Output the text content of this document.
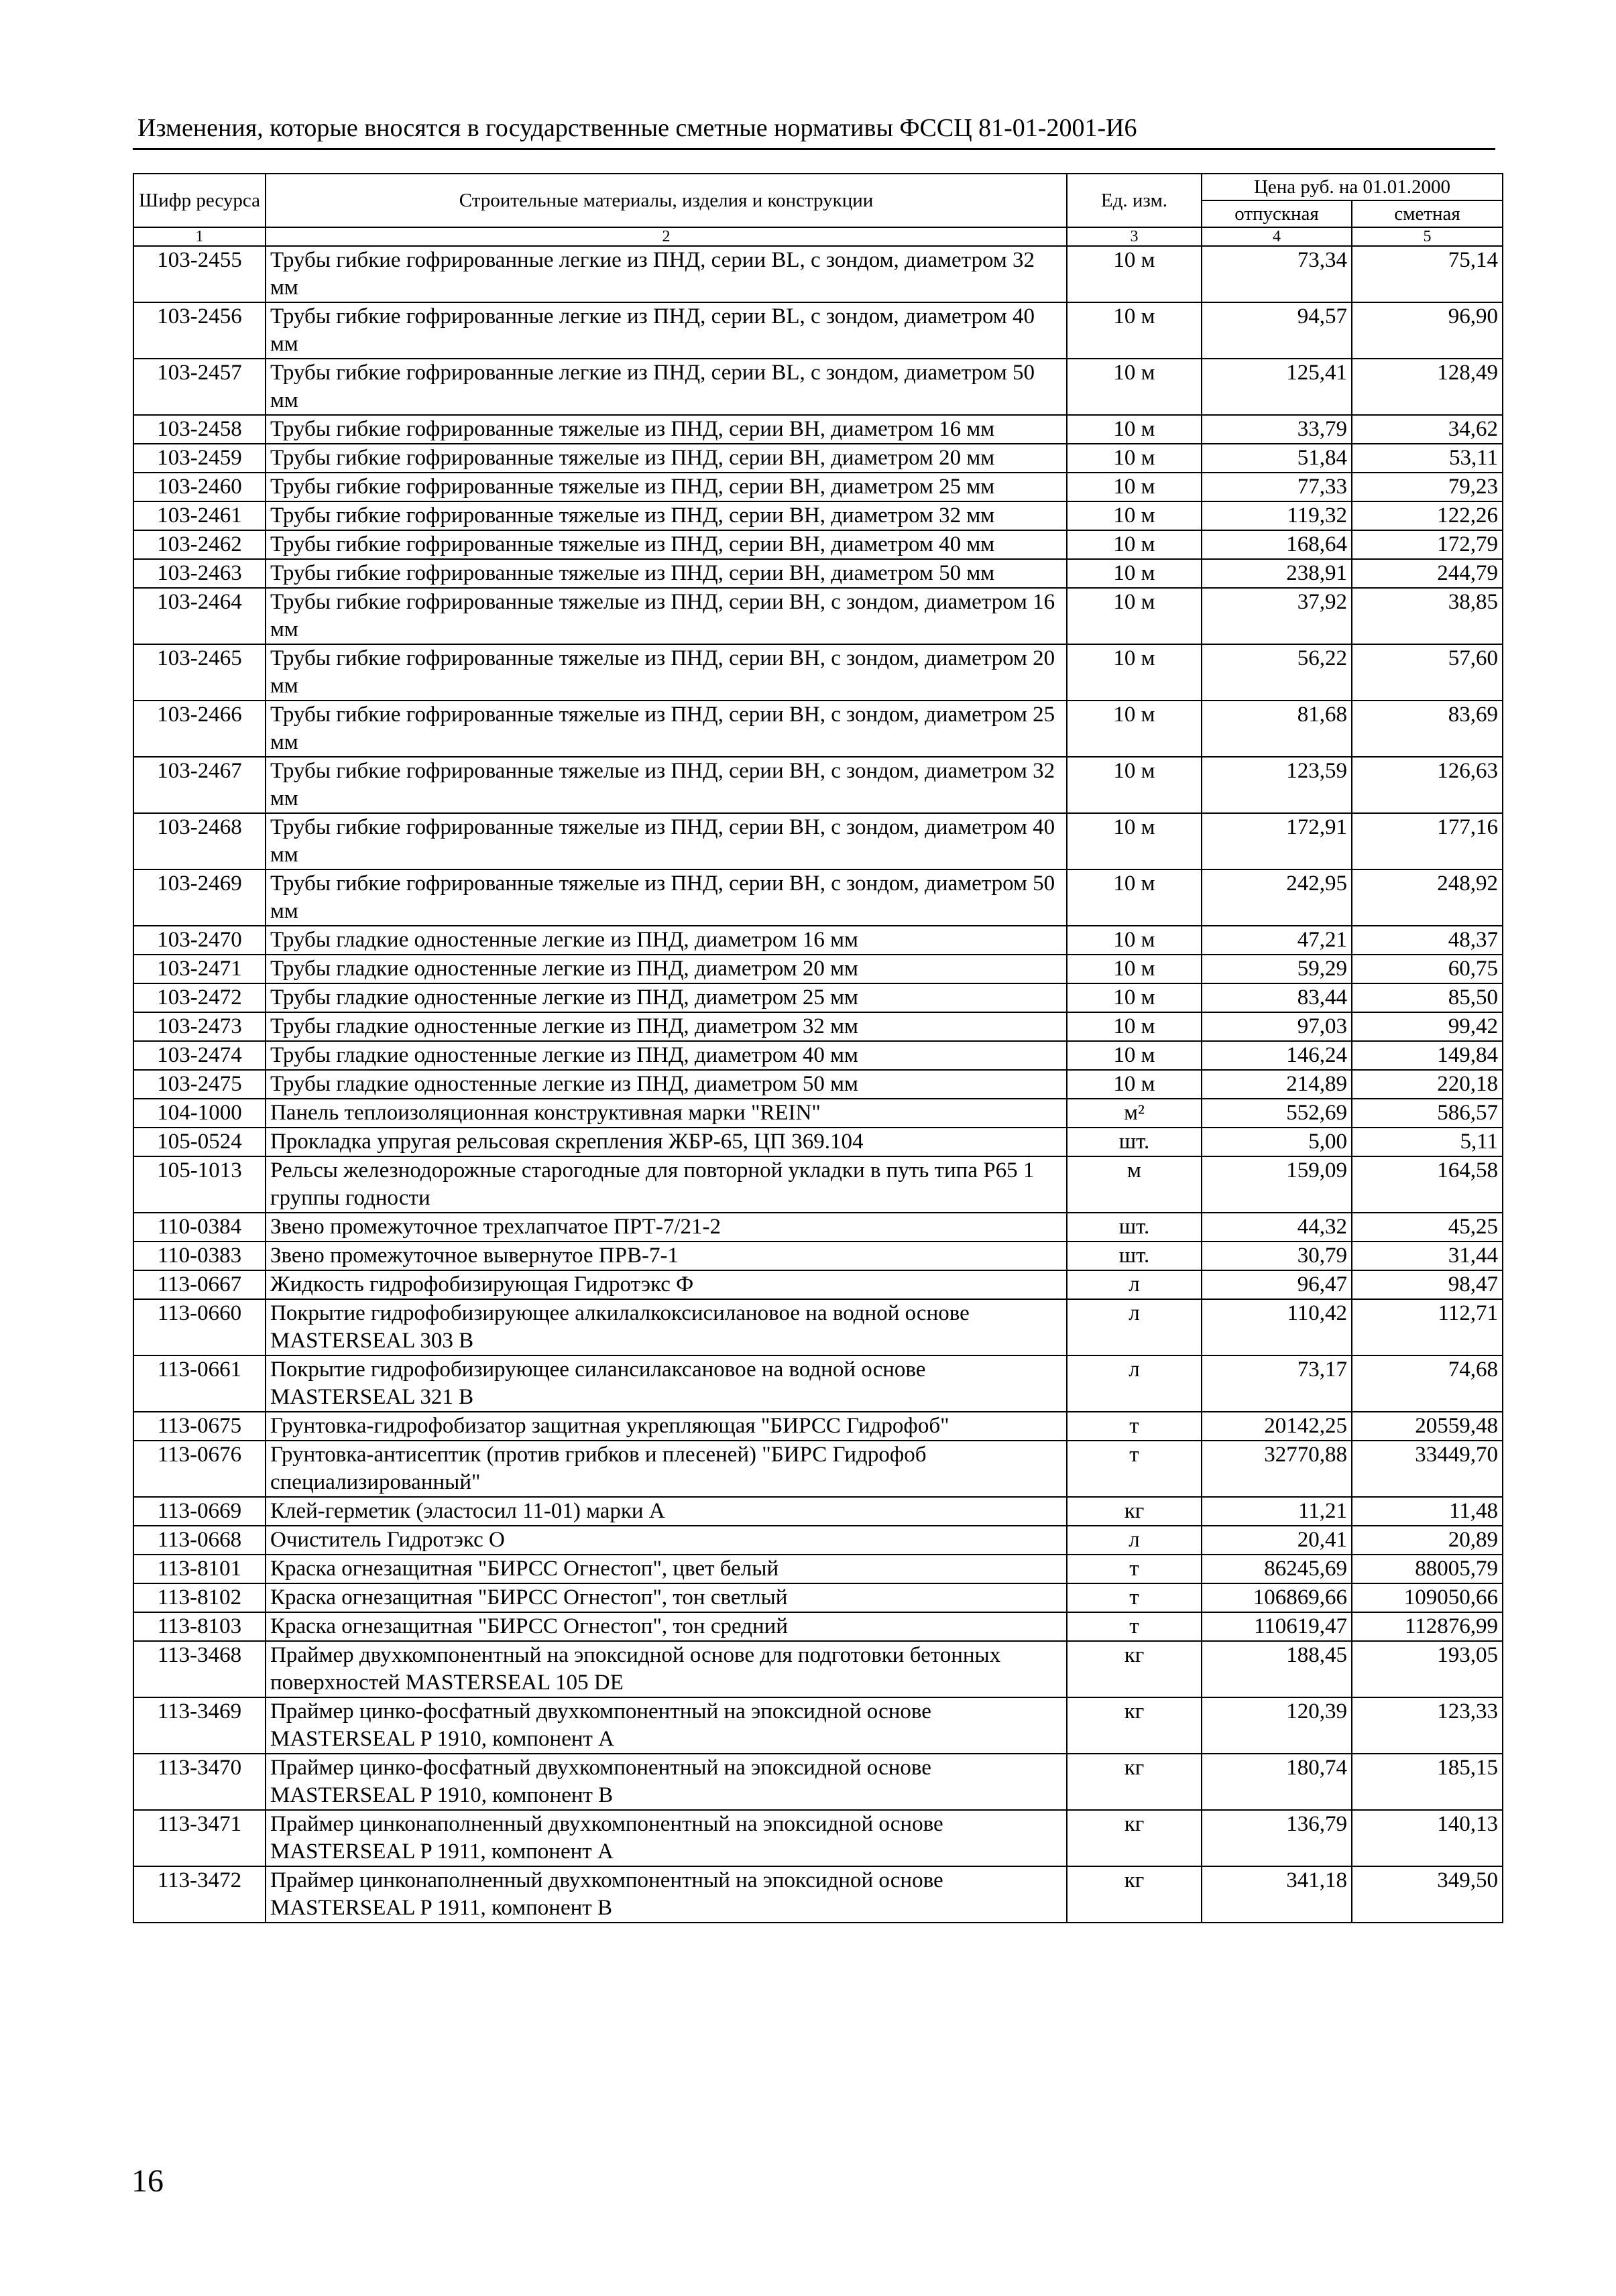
Изменения, которые вносятся в государственные сметные нормативы ФССЦ 81-01-2001-И6
Шифр ресурса	Строительные материалы, изделия и конструкции	Ед. изм.	Цена руб. на 01.01.2000	
			отпускная	сметная
1	2	3	4	5
103-2455	Трубы гибкие гофрированные легкие из ПНД, серии BL, с зондом, диаметром 32 мм	10 м	73,34	75,14
103-2456	Трубы гибкие гофрированные легкие из ПНД, серии BL, с зондом, диаметром 40 мм	10 м	94,57	96,90
103-2457	Трубы гибкие гофрированные легкие из ПНД, серии BL, с зондом, диаметром 50 мм	10 м	125,41	128,49
103-2458	Трубы гибкие гофрированные тяжелые из ПНД, серии ВН, диаметром 16 мм	10 м	33,79	34,62
103-2459	Трубы гибкие гофрированные тяжелые из ПНД, серии ВН, диаметром 20 мм	10 м	51,84	53,11
103-2460	Трубы гибкие гофрированные тяжелые из ПНД, серии ВН, диаметром 25 мм	10 м	77,33	79,23
103-2461	Трубы гибкие гофрированные тяжелые из ПНД, серии ВН, диаметром 32 мм	10 м	119,32	122,26
103-2462	Трубы гибкие гофрированные тяжелые из ПНД, серии ВН, диаметром 40 мм	10 м	168,64	172,79
103-2463	Трубы гибкие гофрированные тяжелые из ПНД, серии ВН, диаметром 50 мм	10 м	238,91	244,79
103-2464	Трубы гибкие гофрированные тяжелые из ПНД, серии ВН, с зондом, диаметром 16 мм	10 м	37,92	38,85
103-2465	Трубы гибкие гофрированные тяжелые из ПНД, серии ВН, с зондом, диаметром 20 мм	10 м	56,22	57,60
103-2466	Трубы гибкие гофрированные тяжелые из ПНД, серии ВН, с зондом, диаметром 25 мм	10 м	81,68	83,69
103-2467	Трубы гибкие гофрированные тяжелые из ПНД, серии ВН, с зондом, диаметром 32 мм	10 м	123,59	126,63
103-2468	Трубы гибкие гофрированные тяжелые из ПНД, серии ВН, с зондом, диаметром 40 мм	10 м	172,91	177,16
103-2469	Трубы гибкие гофрированные тяжелые из ПНД, серии ВН, с зондом, диаметром 50 мм	10 м	242,95	248,92
103-2470	Трубы гладкие одностенные легкие из ПНД, диаметром 16 мм	10 м	47,21	48,37
103-2471	Трубы гладкие одностенные легкие из ПНД, диаметром 20 мм	10 м	59,29	60,75
103-2472	Трубы гладкие одностенные легкие из ПНД, диаметром 25 мм	10 м	83,44	85,50
103-2473	Трубы гладкие одностенные легкие из ПНД, диаметром 32 мм	10 м	97,03	99,42
103-2474	Трубы гладкие одностенные легкие из ПНД, диаметром 40 мм	10 м	146,24	149,84
103-2475	Трубы гладкие одностенные легкие из ПНД, диаметром 50 мм	10 м	214,89	220,18
104-1000	Панель теплоизоляционная конструктивная марки "REIN"	м²	552,69	586,57
105-0524	Прокладка упругая рельсовая скрепления ЖБР-65, ЦП 369.104	шт.	5,00	5,11
105-1013	Рельсы железнодорожные старогодные для повторной укладки в путь типа Р65 1 группы годности	м	159,09	164,58
110-0384	Звено промежуточное трехлапчатое ПРТ-7/21-2	шт.	44,32	45,25
110-0383	Звено промежуточное вывернутое ПРВ-7-1	шт.	30,79	31,44
113-0667	Жидкость гидрофобизирующая Гидротэкс Ф	л	96,47	98,47
113-0660	Покрытие гидрофобизирующее алкилалкоксисилановое на водной основе MASTERSEAL 303 В	л	110,42	112,71
113-0661	Покрытие гидрофобизирующее силансилаксановое на водной основе MASTERSEAL 321 В	л	73,17	74,68
113-0675	Грунтовка-гидрофобизатор защитная укрепляющая "БИРСС Гидрофоб"	т	20142,25	20559,48
113-0676	Грунтовка-антисептик (против грибков и плесеней) "БИРС Гидрофоб специализированный"	т	32770,88	33449,70
113-0669	Клей-герметик (эластосил 11-01) марки А	кг	11,21	11,48
113-0668	Очиститель Гидротэкс О	л	20,41	20,89
113-8101	Краска огнезащитная "БИРСС Огнестоп", цвет белый	т	86245,69	88005,79
113-8102	Краска огнезащитная "БИРСС Огнестоп", тон светлый	т	106869,66	109050,66
113-8103	Краска огнезащитная "БИРСС Огнестоп", тон средний	т	110619,47	112876,99
113-3468	Праймер двухкомпонентный на эпоксидной основе для подготовки бетонных поверхностей MASTERSEAL 105 DE	кг	188,45	193,05
113-3469	Праймер цинко-фосфатный двухкомпонентный на эпоксидной основе MASTERSEAL P 1910, компонент А	кг	120,39	123,33
113-3470	Праймер цинко-фосфатный двухкомпонентный на эпоксидной основе MASTERSEAL P 1910, компонент В	кг	180,74	185,15
113-3471	Праймер цинконаполненный двухкомпонентный на эпоксидной основе MASTERSEAL P 1911, компонент А	кг	136,79	140,13
113-3472	Праймер цинконаполненный двухкомпонентный на эпоксидной основе MASTERSEAL P 1911, компонент В	кг	341,18	349,50
16
